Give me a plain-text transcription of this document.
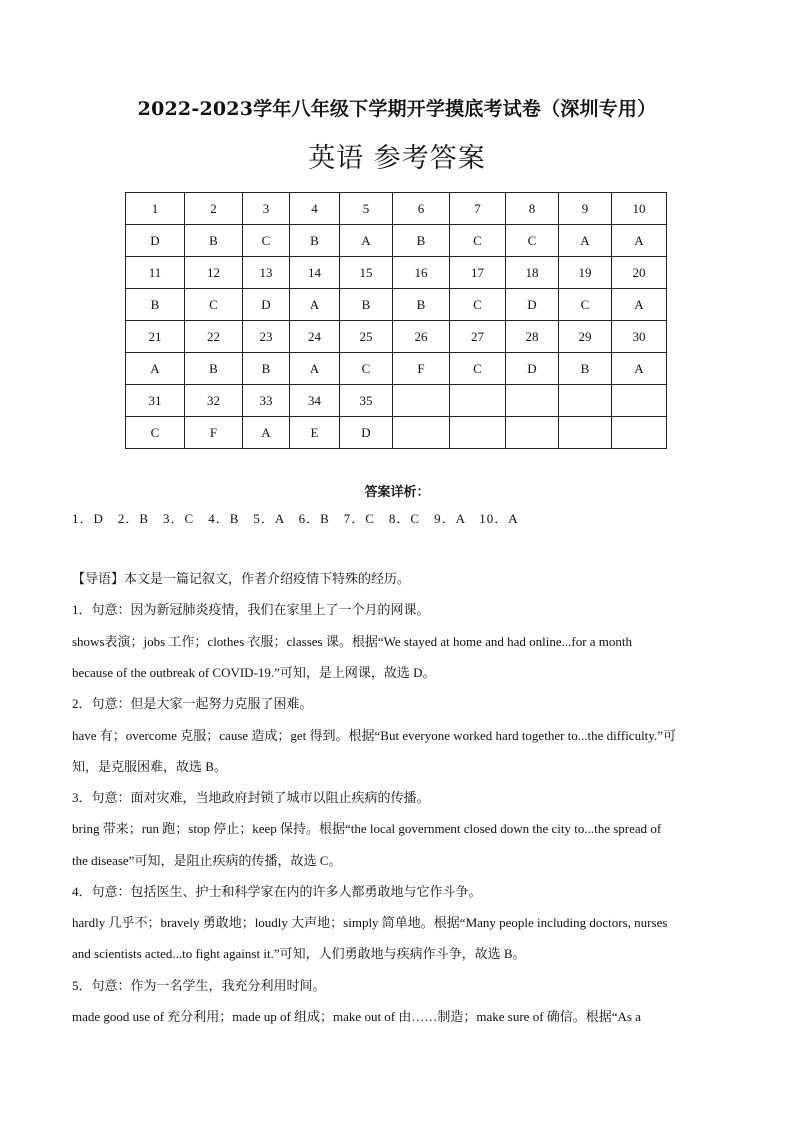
2022-2023学年八年级下学期开学摸底考试卷（深圳专用）
英语 参考答案
1	2	3	4	5	6	7	8	9	10
D	B	C	B	A	B	C	C	A	A
11	12	13	14	15	16	17	18	19	20
B	C	D	A	B	B	C	D	C	A
21	22	23	24	25	26	27	28	29	30
A	B	B	A	C	F	C	D	B	A
31	32	33	34	35					
C	F	A	E	D					
答案详析：
1．D　2．B　3．C　4．B　5．A　6．B　7．C　8．C　9．A　10．A
【导语】本文是一篇记叙文，作者介绍疫情下特殊的经历。
1．句意：因为新冠肺炎疫情，我们在家里上了一个月的网课。
shows表演；jobs 工作；clothes 衣服；classes 课。根据“We stayed at home and had online...for a month
because of the outbreak of COVID-19.”可知，是上网课，故选 D。
2．句意：但是大家一起努力克服了困难。
have 有；overcome 克服；cause 造成；get 得到。根据“But everyone worked hard together to...the difficulty.”可
知，是克服困难，故选 B。
3．句意：面对灾难，当地政府封锁了城市以阻止疾病的传播。
bring 带来；run 跑；stop 停止；keep 保持。根据“the local government closed down the city to...the spread of
the disease”可知，是阻止疾病的传播，故选 C。
4．句意：包括医生、护士和科学家在内的许多人都勇敢地与它作斗争。
hardly 几乎不；bravely 勇敢地；loudly 大声地；simply 简单地。根据“Many people including doctors, nurses
and scientists acted...to fight against it.”可知，人们勇敢地与疾病作斗争，故选 B。
5．句意：作为一名学生，我充分利用时间。
made good use of 充分利用；made up of 组成；make out of 由……制造；make sure of 确信。根据“As a
